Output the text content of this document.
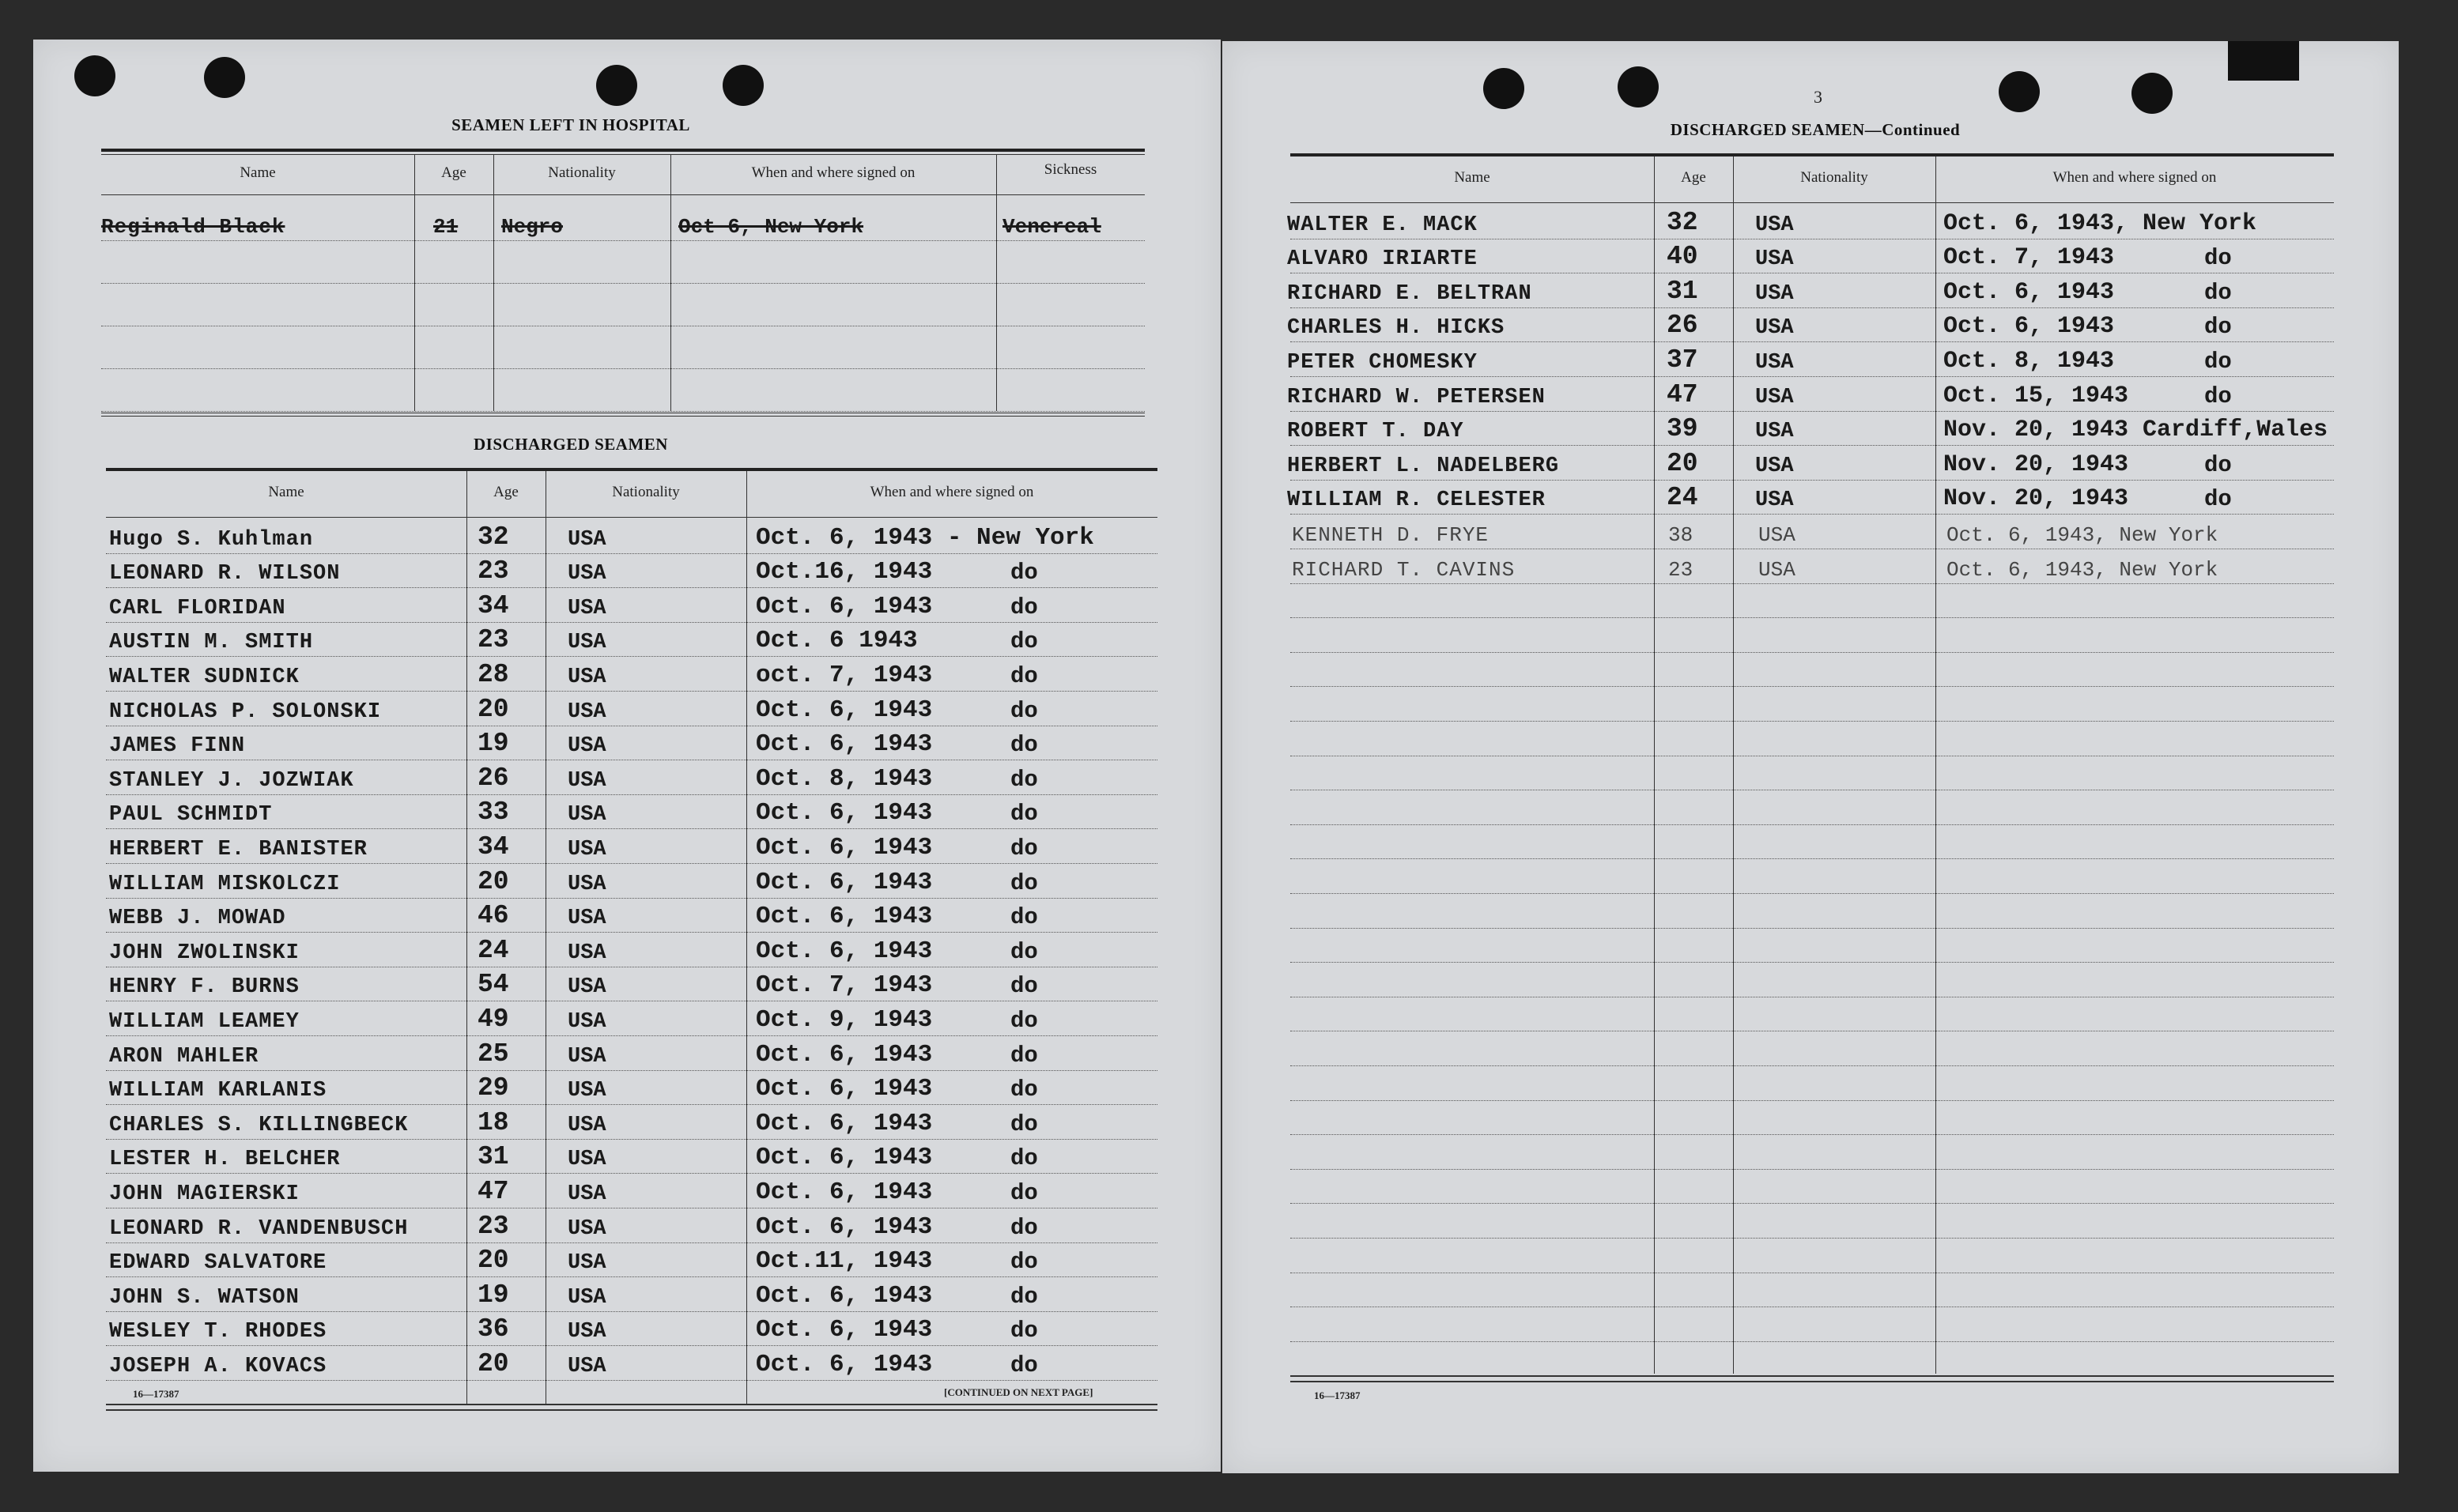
SEAMEN LEFT IN HOSPITAL
Name	Age	Nationality	When and where signed on	Sickness
Reginald Black	21 Negro	Oct 6, New York	Venereal
DISCHARGED SEAMEN
Name	Age	Nationality	When and where signed on
Hugo S. Kuhlman	32	USA	Oct. 6, 1943 - New York
LEONARD R. WILSON	23	USA	Oct.16, 1943	do
CARL FLORIDAN	34	USA	Oct. 6, 1943	do
AUSTIN M. SMITH	23	USA	Oct. 6 1943	do
WALTER SUDNICK	28	USA	oct. 7, 1943	do
NICHOLAS P. SOLONSKI	20	USA	Oct. 6, 1943	do
JAMES FINN	19	USA	Oct. 6, 1943	do
STANLEY J. JOZWIAK	26	USA	Oct. 8, 1943	do
PAUL SCHMIDT	33	USA	Oct. 6, 1943	do
HERBERT E. BANISTER	34	USA	Oct. 6, 1943	do
WILLIAM MISKOLCZI	20	USA	Oct. 6, 1943	do
WEBB J. MOWAD	46	USA	Oct. 6, 1943	do
JOHN ZWOLINSKI	24	USA	Oct. 6, 1943	do
HENRY F. BURNS	54	USA	Oct. 7, 1943	do
WILLIAM LEAMEY	49	USA	Oct. 9, 1943	do
ARON MAHLER	25	USA	Oct. 6, 1943	do
WILLIAM KARLANIS	29	USA	Oct. 6, 1943	do
CHARLES S. KILLINGBECK	18	USA	Oct. 6, 1943	do
LESTER H. BELCHER	31	USA	Oct. 6, 1943	do
JOHN MAGIERSKI	47	USA	Oct. 6, 1943	do
LEONARD R. VANDENBUSCH	23	USA	Oct. 6, 1943	do
EDWARD SALVATORE	20	USA	Oct.11, 1943	do
JOHN S. WATSON	19	USA	Oct. 6, 1943	do
WESLEY T. RHODES	36	USA	Oct. 6, 1943	do
JOSEPH A. KOVACS	20	USA	Oct. 6, 1943	do
16—17387	[CONTINUED ON NEXT PAGE]
3
DISCHARGED SEAMEN—Continued
Name	Age	Nationality	When and where signed on
WALTER E. MACK	32	USA	Oct. 6, 1943, New York
ALVARO IRIARTE	40	USA	Oct. 7, 1943	do
RICHARD E. BELTRAN	31	USA	Oct. 6, 1943	do
CHARLES H. HICKS	26	USA	Oct. 6, 1943	do
PETER CHOMESKY	37	USA	Oct. 8, 1943	do
RICHARD W. PETERSEN	47	USA	Oct. 15, 1943	do
ROBERT T. DAY	39	USA	Nov. 20, 1943 Cardiff,Wales
HERBERT L. NADELBERG	20	USA	Nov. 20, 1943	do
WILLIAM R. CELESTER	24	USA	Nov. 20, 1943	do
KENNETH D. FRYE	38	USA	Oct. 6, 1943, New York
RICHARD T. CAVINS	23	USA	Oct. 6, 1943, New York
16—17387
